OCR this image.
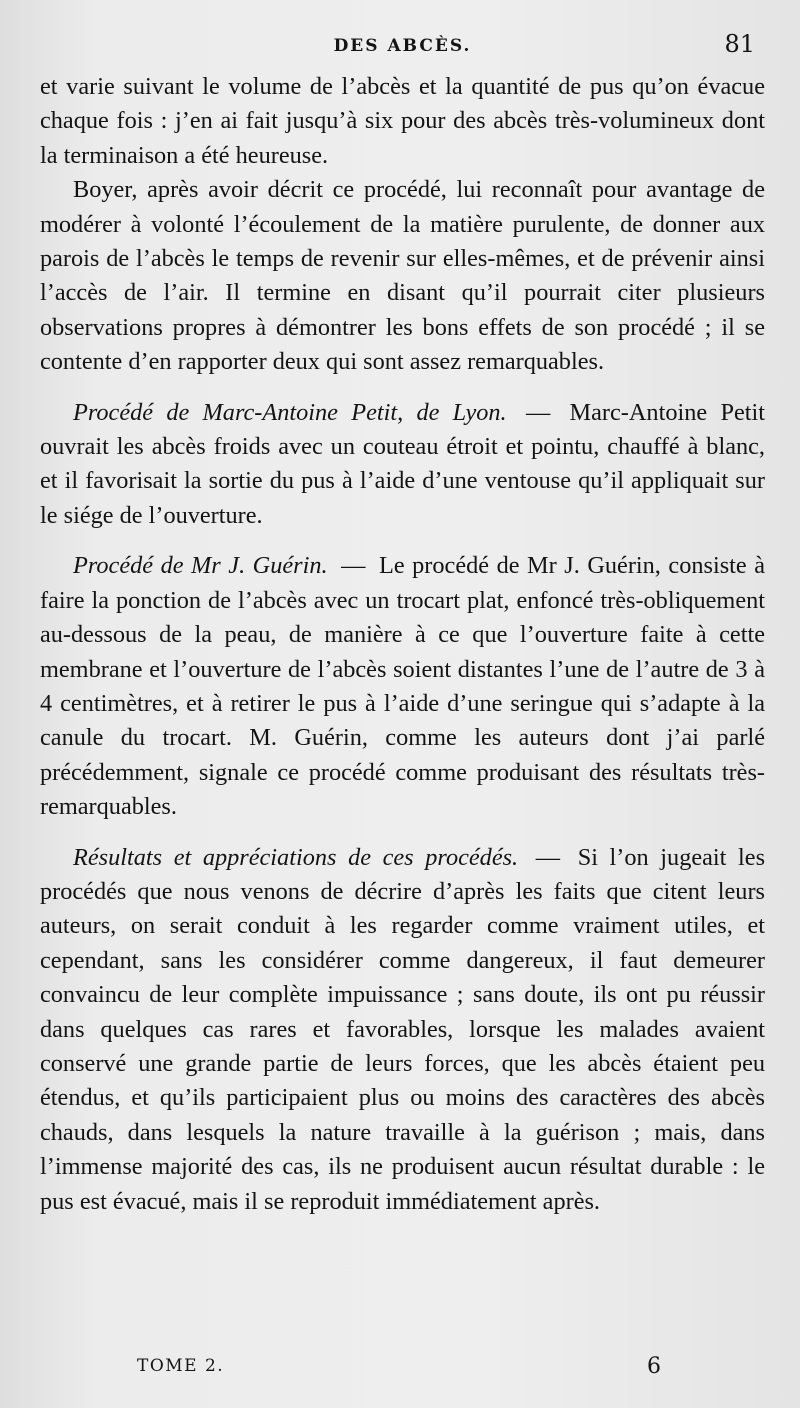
DES ABCÈS.	81

et varie suivant le volume de l’abcès et la quantité de pus qu’on évacue chaque fois : j’en ai fait jusqu’à six pour des abcès très-volumineux dont la terminaison a été heureuse.

Boyer, après avoir décrit ce procédé, lui reconnaît pour avantage de modérer à volonté l’écoulement de la matière purulente, de donner aux parois de l’abcès le temps de revenir sur elles-mêmes, et de prévenir ainsi l’accès de l’air. Il termine en disant qu’il pourrait citer plusieurs observations propres à démontrer les bons effets de son procédé ; il se contente d’en rapporter deux qui sont assez remarquables.

Procédé de Marc-Antoine Petit, de Lyon. — Marc-Antoine Petit ouvrait les abcès froids avec un couteau étroit et pointu, chauffé à blanc, et il favorisait la sortie du pus à l’aide d’une ventouse qu’il appliquait sur le siége de l’ouverture.

Procédé de Mr J. Guérin. — Le procédé de Mr J. Guérin, consiste à faire la ponction de l’abcès avec un trocart plat, enfoncé très-obliquement au-dessous de la peau, de manière à ce que l’ouverture faite à cette membrane et l’ouverture de l’abcès soient distantes l’une de l’autre de 3 à 4 centimètres, et à retirer le pus à l’aide d’une seringue qui s’adapte à la canule du trocart. M. Guérin, comme les auteurs dont j’ai parlé précédemment, signale ce procédé comme produisant des résultats très-remarquables.

Résultats et appréciations de ces procédés. — Si l’on jugeait les procédés que nous venons de décrire d’après les faits que citent leurs auteurs, on serait conduit à les regarder comme vraiment utiles, et cependant, sans les considérer comme dangereux, il faut demeurer convaincu de leur complète impuissance ; sans doute, ils ont pu réussir dans quelques cas rares et favorables, lorsque les malades avaient conservé une grande partie de leurs forces, que les abcès étaient peu étendus, et qu’ils participaient plus ou moins des caractères des abcès chauds, dans lesquels la nature travaille à la guérison ; mais, dans l’immense majorité des cas, ils ne produisent aucun résultat durable : le pus est évacué, mais il se reproduit immédiatement après.

TOME 2.	6
